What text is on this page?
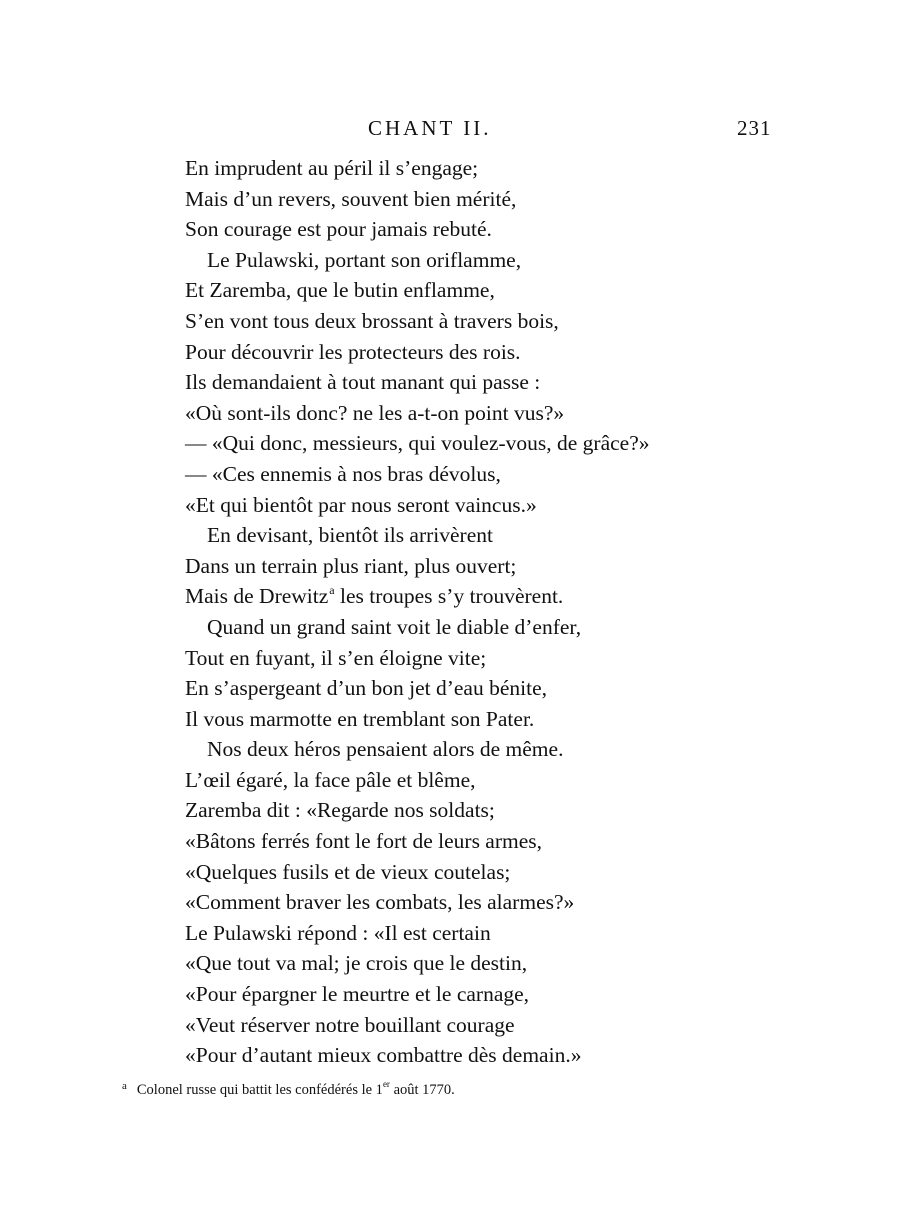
CHANT II.	231
En imprudent au péril il s’engage;
Mais d’un revers, souvent bien mérité,
Son courage est pour jamais rebuté.
Le Pulawski, portant son oriflamme,
Et Zaremba, que le butin enflamme,
S’en vont tous deux brossant à travers bois,
Pour découvrir les protecteurs des rois.
Ils demandaient à tout manant qui passe :
«Où sont-ils donc? ne les a-t-on point vus?»
— «Qui donc, messieurs, qui voulez-vous, de grâce?»
— «Ces ennemis à nos bras dévolus,
«Et qui bientôt par nous seront vaincus.»
En devisant, bientôt ils arrivèrent
Dans un terrain plus riant, plus ouvert;
Mais de Drewitz$^a$ les troupes s’y trouvèrent.
Quand un grand saint voit le diable d’enfer,
Tout en fuyant, il s’en éloigne vite;
En s’aspergeant d’un bon jet d’eau bénite,
Il vous marmotte en tremblant son Pater.
Nos deux héros pensaient alors de même.
L’œil égaré, la face pâle et blême,
Zaremba dit : «Regarde nos soldats;
«Bâtons ferrés font le fort de leurs armes,
«Quelques fusils et de vieux coutelas;
«Comment braver les combats, les alarmes?»
Le Pulawski répond : «Il est certain
«Que tout va mal; je crois que le destin,
«Pour épargner le meurtre et le carnage,
«Veut réserver notre bouillant courage
«Pour d’autant mieux combattre dès demain.»
$^a$ Colonel russe qui battit les confédérés le 1er août 1770.
